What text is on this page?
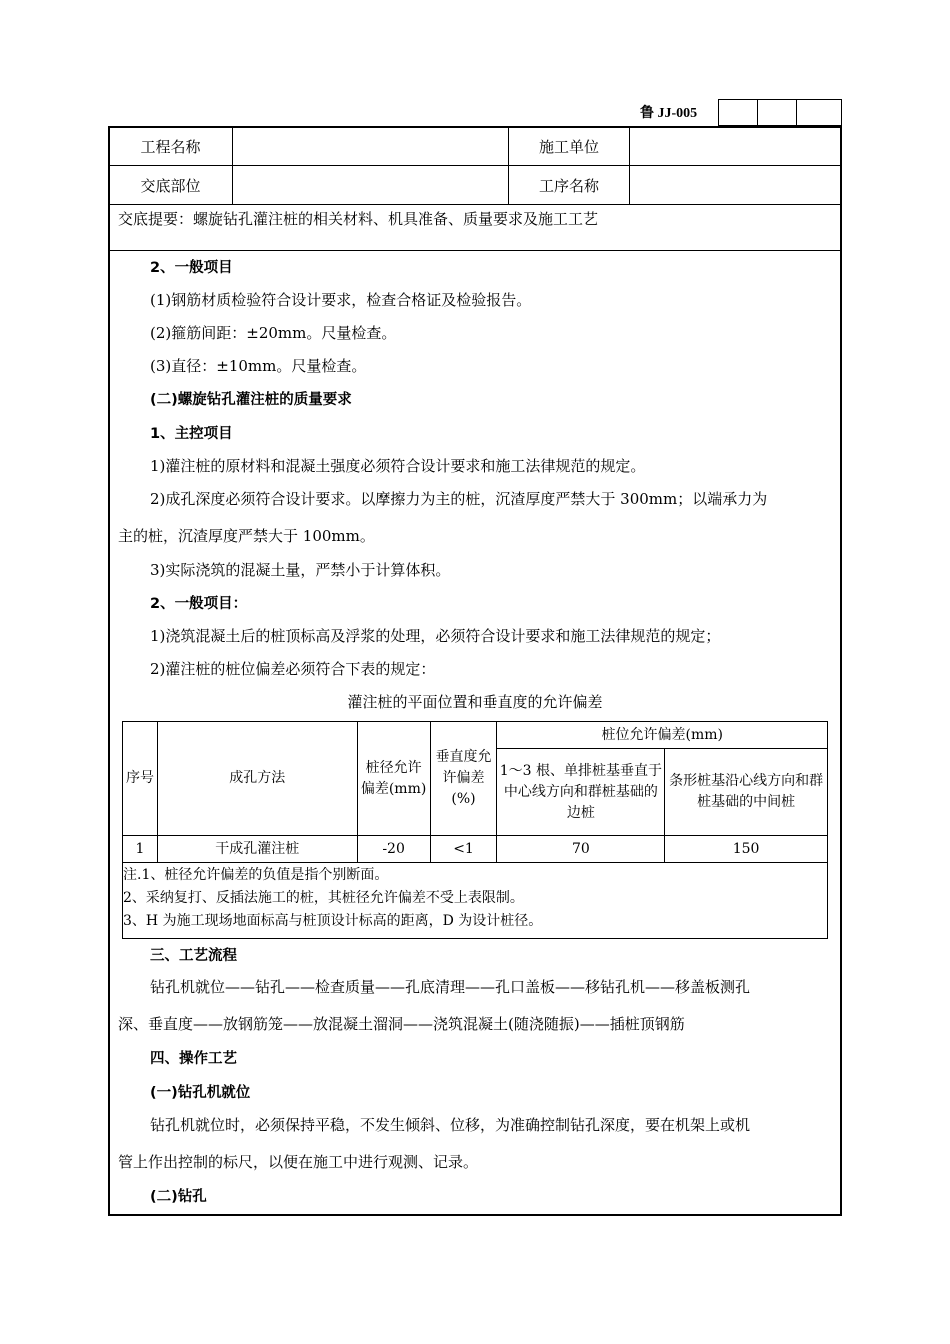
鲁 JJ-005
工程名称	施工单位
交底部位	工序名称
交底提要：螺旋钻孔灌注桩的相关材料、机具准备、质量要求及施工工艺
2、一般项目
(1)钢筋材质检验符合设计要求，检查合格证及检验报告。
(2)箍筋间距：±20mm。尺量检查。
(3)直径：±10mm。尺量检查。
(二)螺旋钻孔灌注桩的质量要求
1、主控项目
1)灌注桩的原材料和混凝土强度必须符合设计要求和施工法律规范的规定。
2)成孔深度必须符合设计要求。以摩擦力为主的桩，沉渣厚度严禁大于 300mm；以端承力为
主的桩，沉渣厚度严禁大于 100mm。
3)实际浇筑的混凝土量，严禁小于计算体积。
2、一般项目：
1)浇筑混凝土后的桩顶标高及浮浆的处理，必须符合设计要求和施工法律规范的规定；
2)灌注桩的桩位偏差必须符合下表的规定：
灌注桩的平面位置和垂直度的允许偏差
序号	成孔方法	桩径允许偏差(mm)	垂直度允许偏差(%)	桩位允许偏差(mm)	
				1～3 根、单排桩基垂直于中心线方向和群桩基础的边桩	条形桩基沿心线方向和群桩基础的中间桩
1	干成孔灌注桩	-20	<1	70	150
注.1、桩径允许偏差的负值是指个别断面。
2、采纳复打、反插法施工的桩，其桩径允许偏差不受上表限制。
3、H 为施工现场地面标高与桩顶设计标高的距离，D 为设计桩径。
三、工艺流程
钻孔机就位——钻孔——检查质量——孔底清理——孔口盖板——移钻孔机——移盖板测孔
深、垂直度——放钢筋笼——放混凝土溜洞——浇筑混凝土(随浇随振)——插桩顶钢筋
四、操作工艺
(一)钻孔机就位
钻孔机就位时，必须保持平稳，不发生倾斜、位移，为准确控制钻孔深度，要在机架上或机
管上作出控制的标尺，以便在施工中进行观测、记录。
(二)钻孔
